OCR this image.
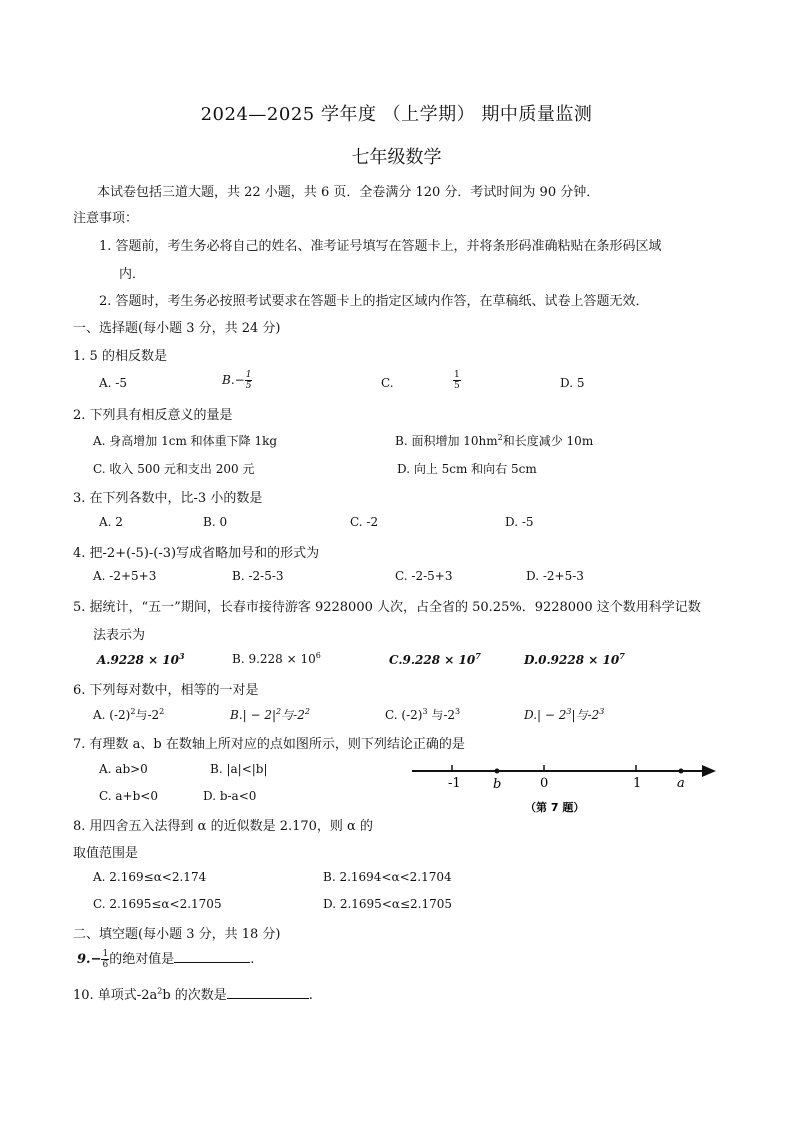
2024—2025 学年度 （上学期） 期中质量监测
七年级数学
本试卷包括三道大题，共 22 小题，共 6 页．全卷满分 120 分．考试时间为 90 分钟．
注意事项：
1. 答题前，考生务必将自己的姓名、准考证号填写在答题卡上，并将条形码准确粘贴在条形码区域
内．
2. 答题时，考生务必按照考试要求在答题卡上的指定区域内作答，在草稿纸、试卷上答题无效．
一、选择题(每小题 3 分，共 24 分)
1. 5 的相反数是
A. -5	$B.- \frac{1}{5}$	C.	$\frac{1}{5}$	D. 5
2. 下列具有相反意义的量是
A. 身高增加 1cm 和体重下降 1kg	B. 面积增加 $10hm^2$和长度减少 10m
C. 收入 500 元和支出 200 元	D. 向上 5cm 和向右 5cm
3. 在下列各数中，比-3 小的数是
A. 2	B. 0	C. -2	D. -5
4. 把-2+(-5)-(-3)写成省略加号和的形式为
A. -2+5+3	B. -2-5-3	C. -2-5+3	D. -2+5-3
5. 据统计，“五一”期间，长春市接待游客 9228000 人次，占全省的 50.25%．9228000 这个数用科学记数
法表示为
$A.9228 \times 10^3$	B. $9.228 \times 10^6$	$C.9.228 \times 10^7$	$D.0.9228 \times 10^7$
6. 下列每对数中，相等的一对是
A. $(-2)^2$与$-2^2$	$B.| - 2|^2$与$-2^2$	C. $(-2)^3$ 与$-2^3$	$D.| - 2^3|$与$-2^3$
7. 有理数 a、b 在数轴上所对应的点如图所示，则下列结论正确的是
A. ab>0	B. |a|<|b|
C. a+b<0	D. b-a<0
-1 b	0	1	a
（第 7 题）
8. 用四舍五入法得到 α 的近似数是 2.170，则 α 的
取值范围是
A. 2.169≤α<2.174	B. 2.1694<α<2.1704
C. 2.1695≤α<2.1705	D. 2.1695<α≤2.1705
二、填空题(每小题 3 分，共 18 分)
$9.- \frac{1}{6}$ 的绝对值是	.
10. 单项式$-2a^2b$ 的次数是	.
